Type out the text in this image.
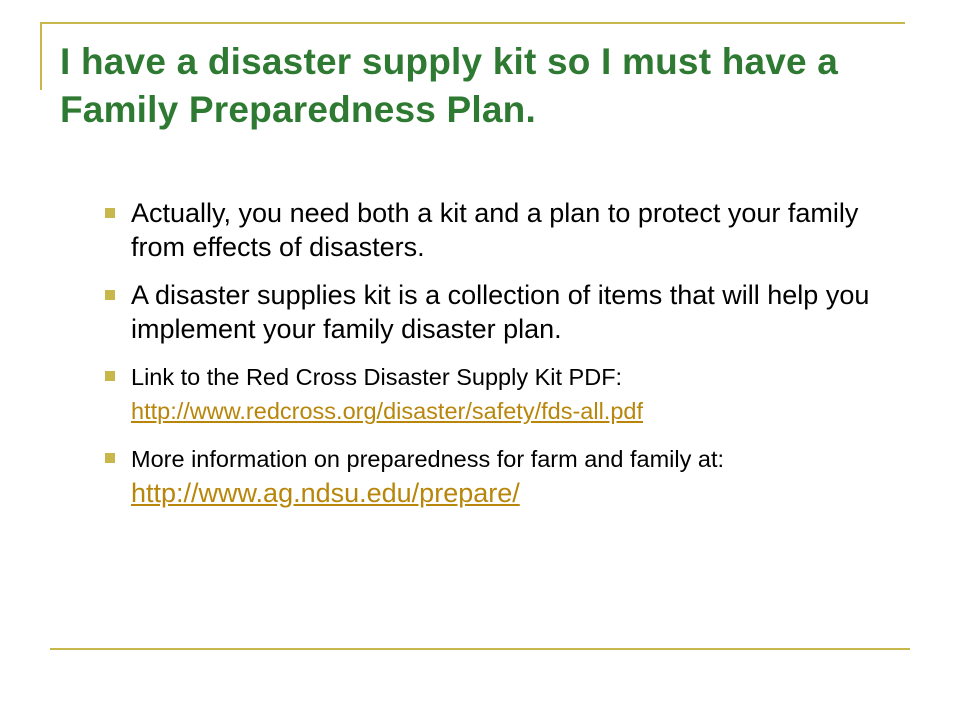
I have a disaster supply kit so I must have a Family Preparedness Plan.
Actually, you need both a kit and a plan to protect your family from effects of disasters.
A disaster supplies kit is a collection of items that will help you implement your family disaster plan.
Link to the Red Cross Disaster Supply Kit PDF:
http://www.redcross.org/disaster/safety/fds-all.pdf
More information on preparedness for farm and family at: http://www.ag.ndsu.edu/prepare/
